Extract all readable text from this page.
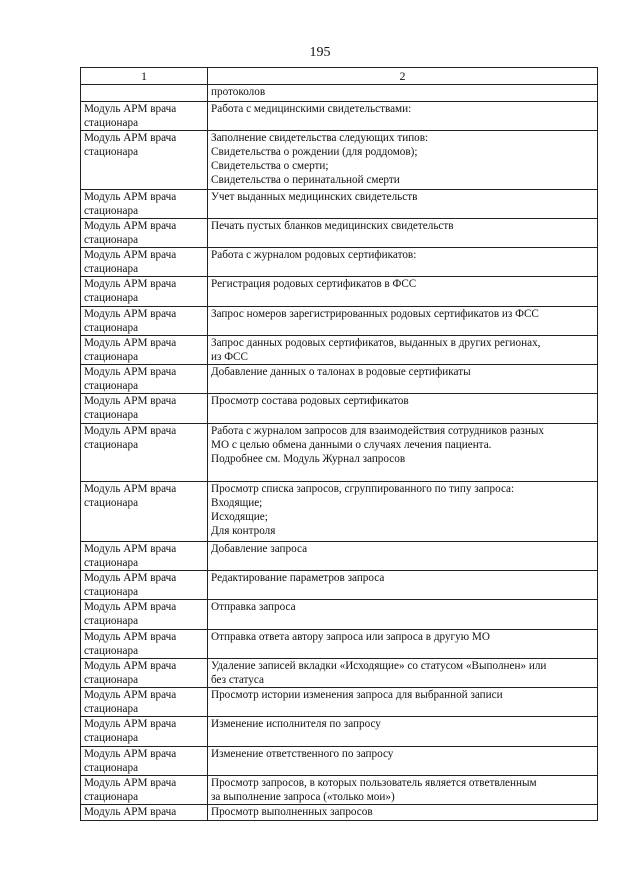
195
1	2

	протоколов

Модуль АРМ врача
стационара	Работа с медицинскими свидетельствами:

Модуль АРМ врача
стационара	Заполнение свидетельства следующих типов:
Свидетельства о рождении (для роддомов);
Свидетельства о смерти;
Свидетельства о перинатальной смерти

Модуль АРМ врача
стационара	Учет выданных медицинских свидетельств

Модуль АРМ врача
стационара	Печать пустых бланков медицинских свидетельств

Модуль АРМ врача
стационара	Работа с журналом родовых сертификатов:

Модуль АРМ врача
стационара	Регистрация родовых сертификатов в ФСС

Модуль АРМ врача
стационара	Запрос номеров зарегистрированных родовых сертификатов из ФСС

Модуль АРМ врача
стационара	Запрос данных родовых сертификатов, выданных в других регионах,
из ФСС

Модуль АРМ врача
стационара	Добавление данных о талонах в родовые сертификаты

Модуль АРМ врача
стационара	Просмотр состава родовых сертификатов

Модуль АРМ врача
стационара	Работа с журналом запросов для взаимодействия сотрудников разных
МО с целью обмена данными о случаях лечения пациента.
Подробнее см. Модуль Журнал запросов

Модуль АРМ врача
стационара	Просмотр списка запросов, сгруппированного по типу запроса:
Входящие;
Исходящие;
Для контроля

Модуль АРМ врача
стационара	Добавление запроса

Модуль АРМ врача
стационара	Редактирование параметров запроса

Модуль АРМ врача
стационара	Отправка запроса

Модуль АРМ врача
стационара	Отправка ответа автору запроса или запроса в другую МО

Модуль АРМ врача
стационара	Удаление записей вкладки «Исходящие» со статусом «Выполнен» или
без статуса

Модуль АРМ врача
стационара	Просмотр истории изменения запроса для выбранной записи

Модуль АРМ врача
стационара	Изменение исполнителя по запросу

Модуль АРМ врача
стационара	Изменение ответственного по запросу

Модуль АРМ врача
стационара	Просмотр запросов, в которых пользователь является ответвленным
за выполнение запроса («только мои»)

Модуль АРМ врача	Просмотр выполненных запросов
